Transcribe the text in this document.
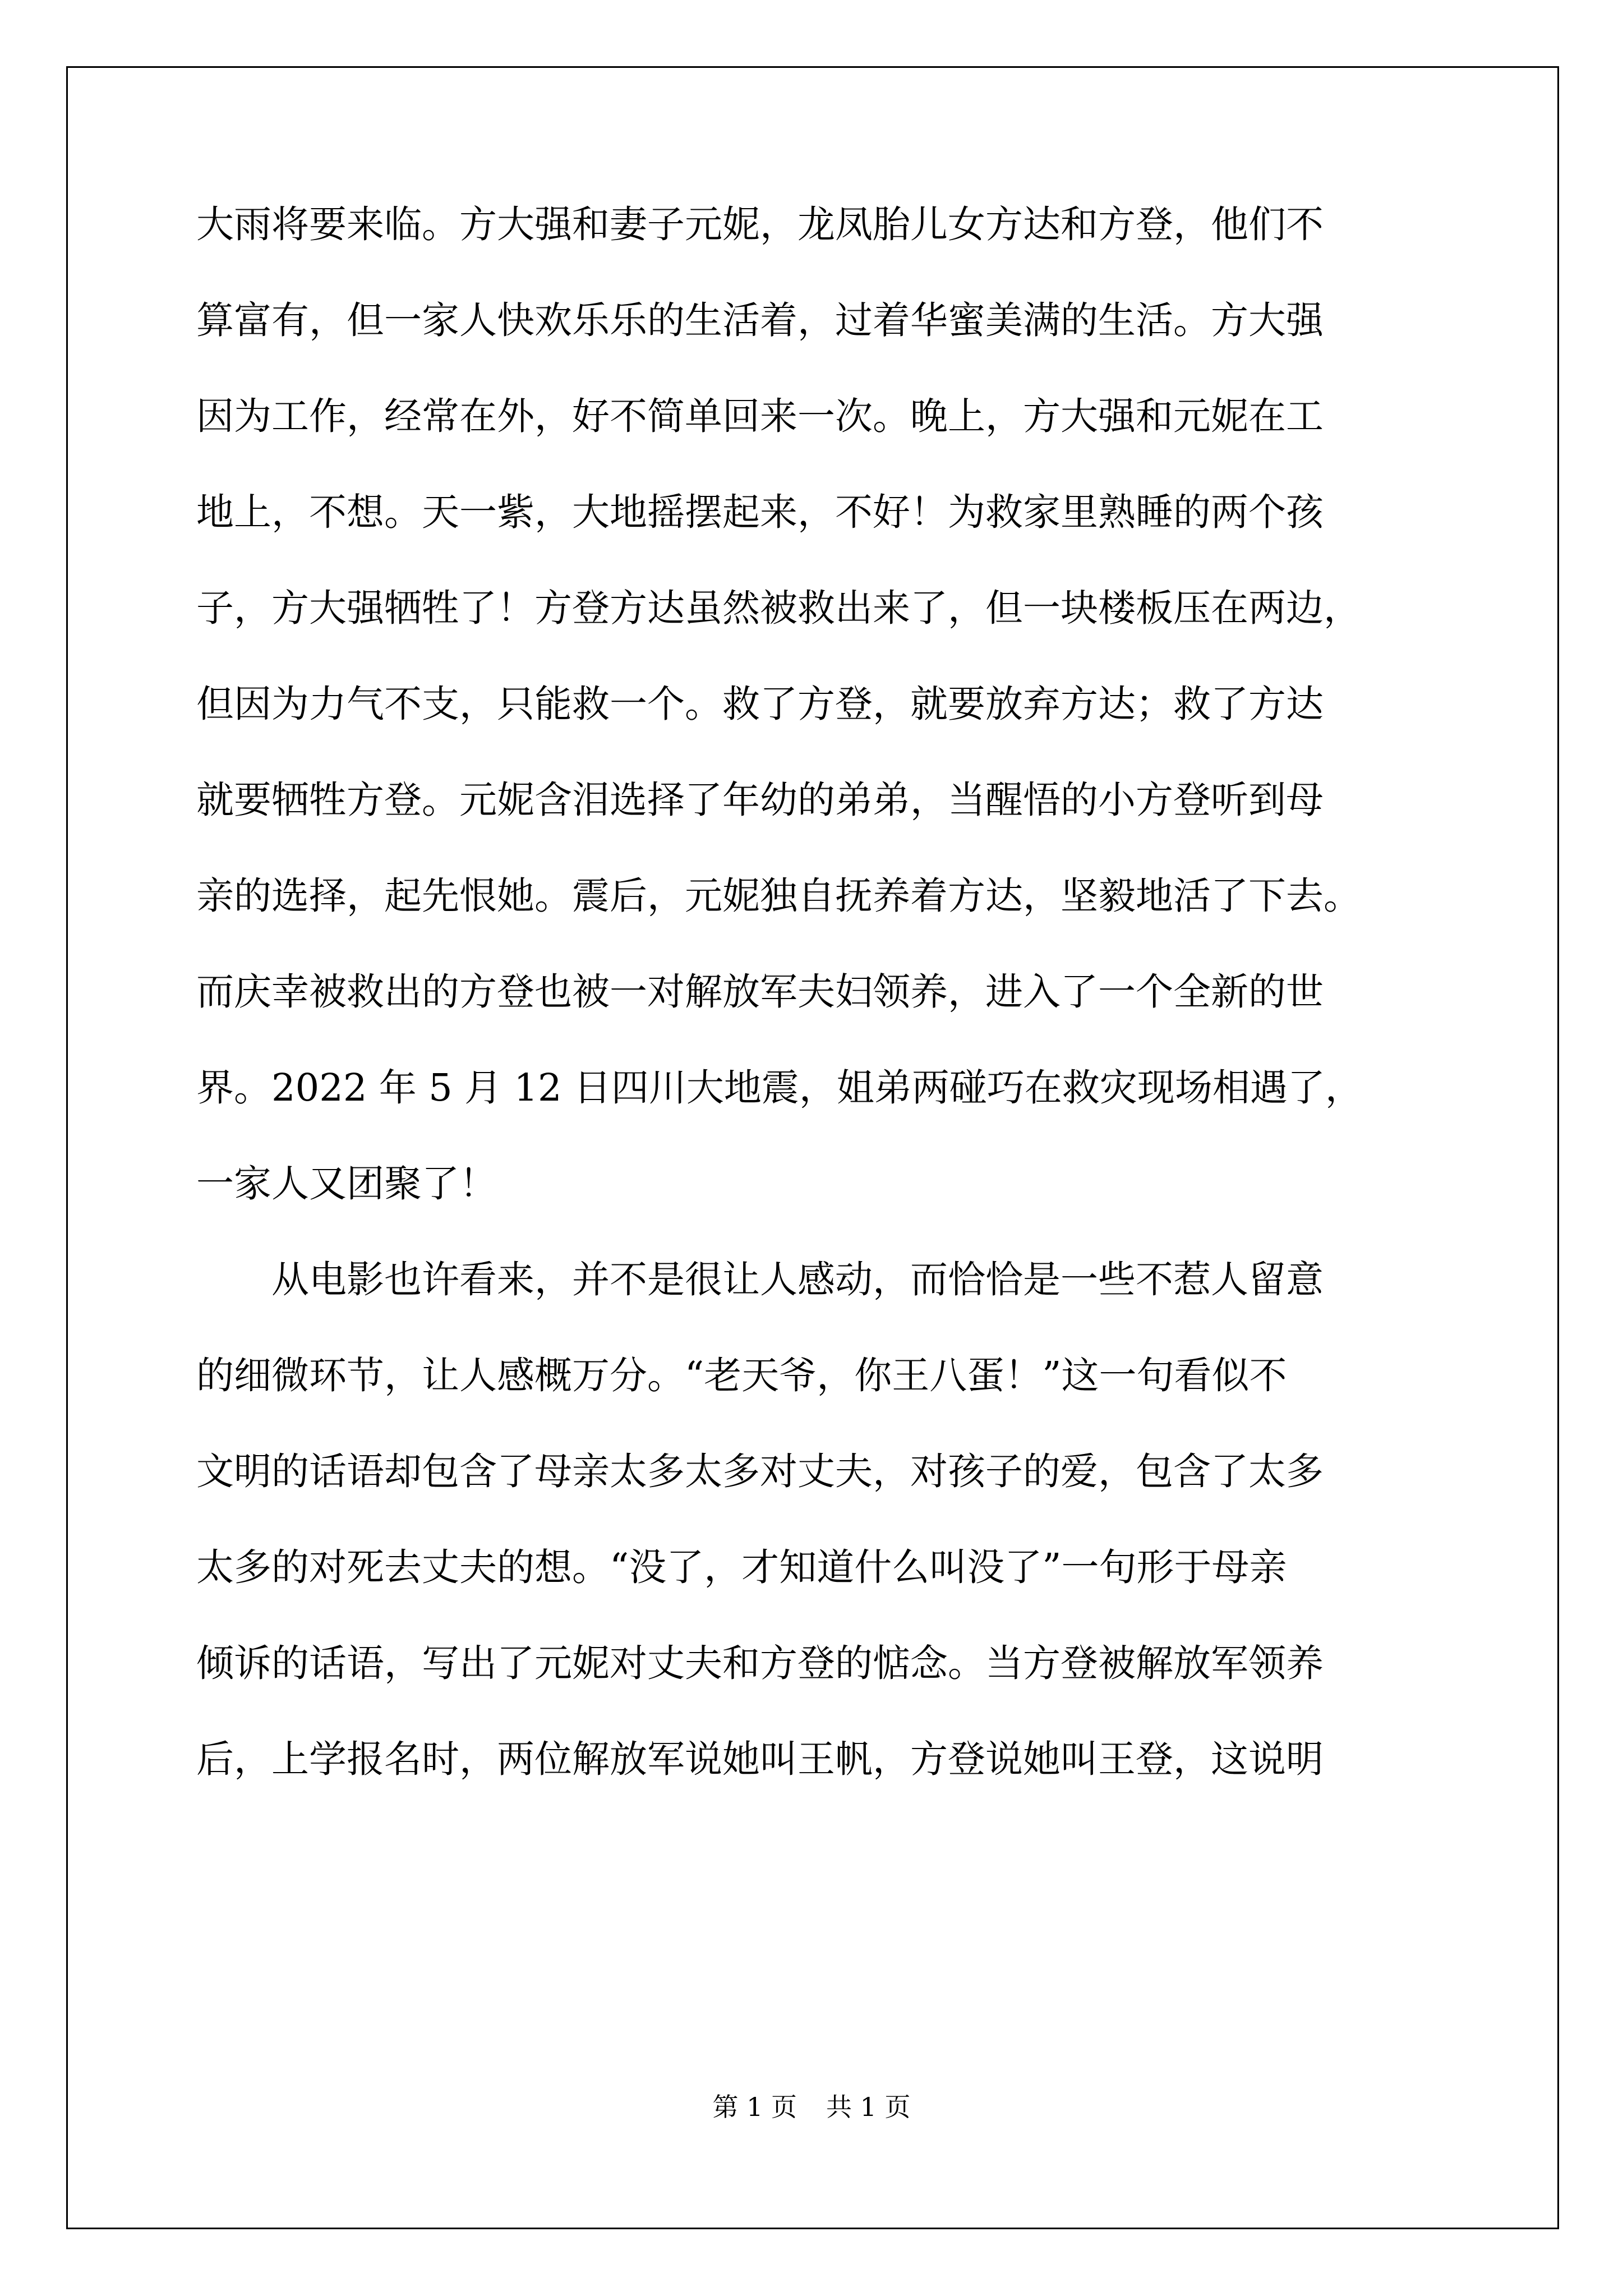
大雨将要来临。方大强和妻子元妮，龙凤胎儿女方达和方登，他们不
算富有，但一家人快欢乐乐的生活着，过着华蜜美满的生活。方大强
因为工作，经常在外，好不简单回来一次。晚上，方大强和元妮在工
地上，不想。天一紫，大地摇摆起来，不好！为救家里熟睡的两个孩
子，方大强牺牲了！方登方达虽然被救出来了，但一块楼板压在两边，
但因为力气不支，只能救一个。救了方登，就要放弃方达；救了方达
就要牺牲方登。元妮含泪选择了年幼的弟弟，当醒悟的小方登听到母
亲的选择，起先恨她。震后，元妮独自抚养着方达，坚毅地活了下去。
而庆幸被救出的方登也被一对解放军夫妇领养，进入了一个全新的世
界。2022 年 5 月 12 日四川大地震，姐弟两碰巧在救灾现场相遇了，
一家人又团聚了！
从电影也许看来，并不是很让人感动，而恰恰是一些不惹人留意
的细微环节，让人感概万分。“老天爷，你王八蛋！”这一句看似不
文明的话语却包含了母亲太多太多对丈夫，对孩子的爱，包含了太多
太多的对死去丈夫的想。“没了，才知道什么叫没了”一句形于母亲
倾诉的话语，写出了元妮对丈夫和方登的惦念。当方登被解放军领养
后，上学报名时，两位解放军说她叫王帆，方登说她叫王登，这说明
第 1 页 共 1 页
